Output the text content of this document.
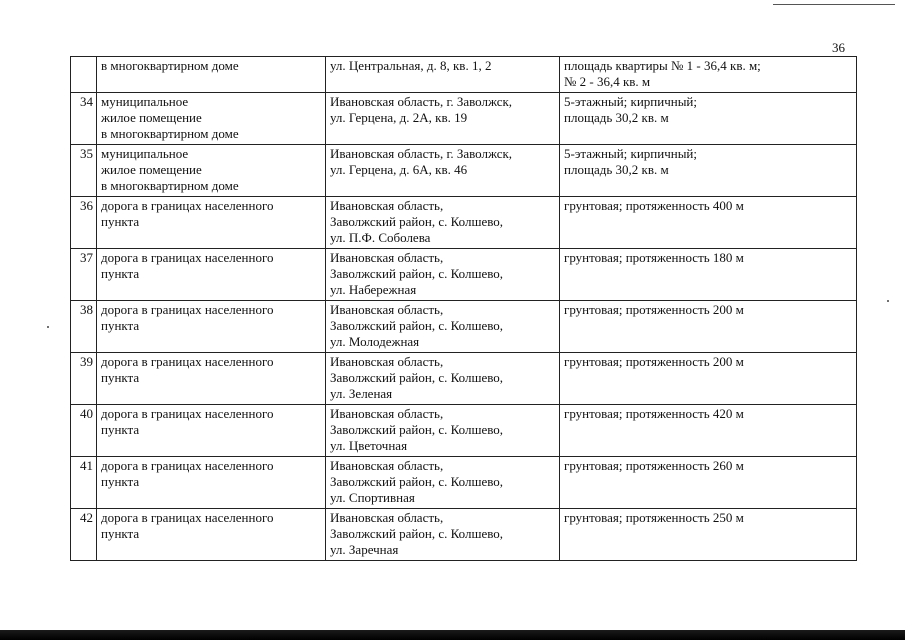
36

	в многоквартирном доме	ул. Центральная, д. 8, кв. 1, 2	площадь квартиры № 1 - 36,4 кв. м;
№ 2 - 36,4 кв. м

34	муниципальное
жилое помещение
в многоквартирном доме	Ивановская область, г. Заволжск,
ул. Герцена, д. 2А, кв. 19	5-этажный; кирпичный;
площадь 30,2 кв. м

35	муниципальное
жилое помещение
в многоквартирном доме	Ивановская область, г. Заволжск,
ул. Герцена, д. 6А, кв. 46	5-этажный; кирпичный;
площадь 30,2 кв. м

36	дорога в границах населенного
пункта	Ивановская область,
Заволжский район, с. Колшево,
ул. П.Ф. Соболева	грунтовая; протяженность 400 м

37	дорога в границах населенного
пункта	Ивановская область,
Заволжский район, с. Колшево,
ул. Набережная	грунтовая; протяженность 180 м

38	дорога в границах населенного
пункта	Ивановская область,
Заволжский район, с. Колшево,
ул. Молодежная	грунтовая; протяженность 200 м

39	дорога в границах населенного
пункта	Ивановская область,
Заволжский район, с. Колшево,
ул. Зеленая	грунтовая; протяженность 200 м

40	дорога в границах населенного
пункта	Ивановская область,
Заволжский район, с. Колшево,
ул. Цветочная	грунтовая; протяженность 420 м

41	дорога в границах населенного
пункта	Ивановская область,
Заволжский район, с. Колшево,
ул. Спортивная	грунтовая; протяженность 260 м

42	дорога в границах населенного
пункта	Ивановская область,
Заволжский район, с. Колшево,
ул. Заречная	грунтовая; протяженность 250 м
